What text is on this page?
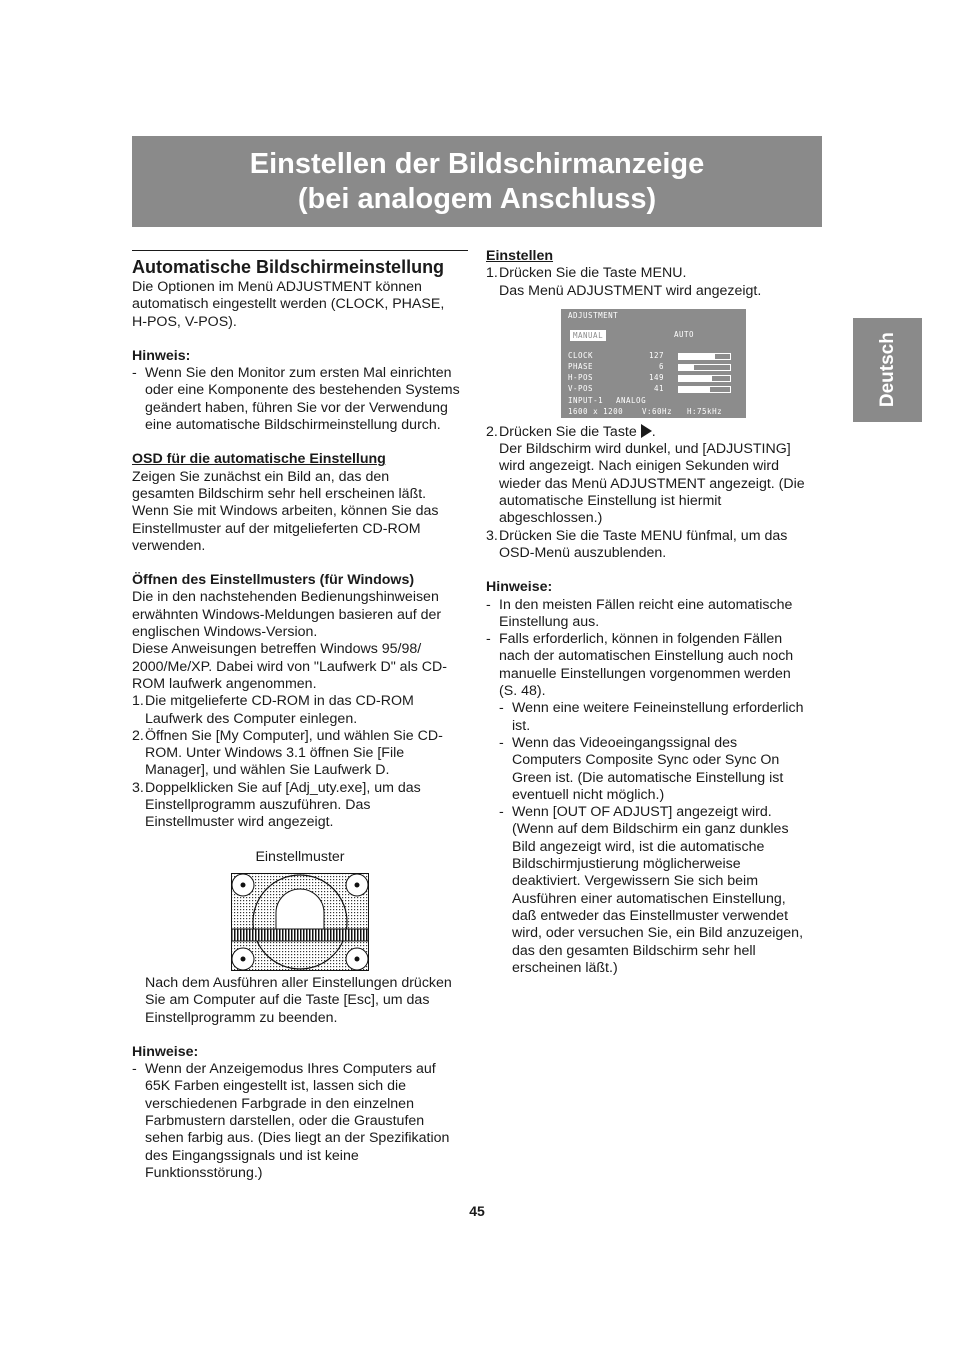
Einstellen der Bildschirmanzeige
(bei analogem Anschluss)
Deutsch
Automatische Bildschirmeinstellung

Die Optionen im Menü ADJUSTMENT können

automatisch eingestellt werden (CLOCK, PHASE,

H-POS, V-POS).

Hinweis:

- Wenn Sie den Monitor zum ersten Mal einrichten

oder eine Komponente des bestehenden Systems

geändert haben, führen Sie vor der Verwendung

eine automatische Bildschirmeinstellung durch.

OSD für die automatische Einstellung

Zeigen Sie zunächst ein Bild an, das den

gesamten Bildschirm sehr hell erscheinen läßt.

Wenn Sie mit Windows arbeiten, können Sie das

Einstellmuster auf der mitgelieferten CD-ROM

verwenden.

Öffnen des Einstellmusters (für Windows)

Die in den nachstehenden Bedienungshinweisen

erwähnten Windows-Meldungen basieren auf der

englischen Windows-Version.

Diese Anweisungen betreffen Windows 95/98/

2000/Me/XP. Dabei wird von "Laufwerk D" als CD-

ROM laufwerk angenommen.

1. Die mitgelieferte CD-ROM in das CD-ROM

Laufwerk des Computer einlegen.

2. Öffnen Sie [My Computer], und wählen Sie CD-

ROM. Unter Windows 3.1 öffnen Sie [File

Manager], und wählen Sie Laufwerk D.

3. Doppelklicken Sie auf [Adj_uty.exe], um das

Einstellprogramm auszuführen. Das

Einstellmuster wird angezeigt.

Einstellmuster

Nach dem Ausführen aller Einstellungen drücken

Sie am Computer auf die Taste [Esc], um das

Einstellprogramm zu beenden.

Hinweise:

- Wenn der Anzeigemodus Ihres Computers auf

65K Farben eingestellt ist, lassen sich die

verschiedenen Farbgrade in den einzelnen

Farbmustern darstellen, oder die Graustufen

sehen farbig aus. (Dies liegt an der Spezifikation

des Eingangssignals und ist keine

Funktionsstörung.)

Einstellen

1. Drücken Sie die Taste MENU.

Das Menü ADJUSTMENT wird angezeigt.

ADJUSTMENT
MANUAL	AUTO
CLOCK	127
PHASE	6
H-POS	149
V-POS	41
INPUT-1 ANALOG
1600 x 1200	V:60Hz H:75kHz
2. Drücken Sie die Taste .

Der Bildschirm wird dunkel, und [ADJUSTING]

wird angezeigt. Nach einigen Sekunden wird

wieder das Menü ADJUSTMENT angezeigt. (Die

automatische Einstellung ist hiermit

abgeschlossen.)

3. Drücken Sie die Taste MENU fünfmal, um das

OSD-Menü auszublenden.

Hinweise:

- In den meisten Fällen reicht eine automatische

Einstellung aus.

- Falls erforderlich, können in folgenden Fällen

nach der automatischen Einstellung auch noch

manuelle Einstellungen vorgenommen werden

(S. 48).

- Wenn eine weitere Feineinstellung erforderlich

ist.

- Wenn das Videoeingangssignal des

Computers Composite Sync oder Sync On

Green ist. (Die automatische Einstellung ist

eventuell nicht möglich.)

- Wenn [OUT OF ADJUST] angezeigt wird.

(Wenn auf dem Bildschirm ein ganz dunkles

Bild angezeigt wird, ist die automatische

Bildschirmjustierung möglicherweise

deaktiviert. Vergewissern Sie sich beim

Ausführen einer automatischen Einstellung,

daß entweder das Einstellmuster verwendet

wird, oder versuchen Sie, ein Bild anzuzeigen,

das den gesamten Bildschirm sehr hell

erscheinen läßt.)

45
